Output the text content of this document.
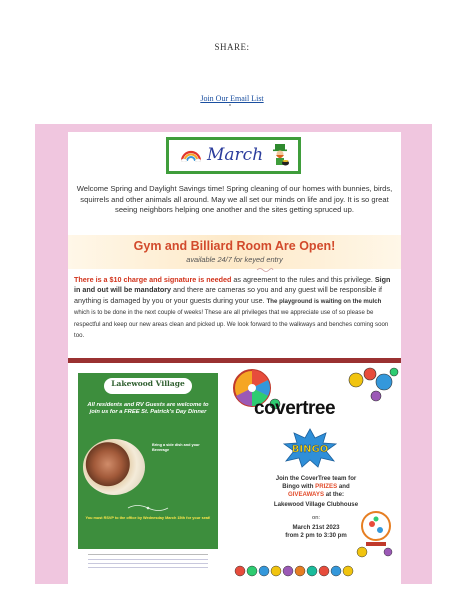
SHARE:
Join Our Email List
March
Welcome Spring and Daylight Savings time! Spring cleaning of our homes with bunnies, birds, squirrels and other animals all around. May we all set our minds on life and joy. It is so great seeing neighbors helping one another and the sites getting spruced up.
Gym and Billiard Room Are Open!
available 24/7 for keyed entry
There is a $10 charge and signature is needed as agreement to the rules and this privilege. Sign in and out will be mandatory and there are cameras so you and any guest will be responsible if anything is damaged by you or your guests during your use. The playground is waiting on the mulch which is to be done in the next couple of weeks! These are all privileges that we appreciate use of so please be respectful and keep our new areas clean and picked up. We look forward to the walkways and benches coming soon too.
Lakewood Village
All residents and RV Guests are welcome to join us for a FREE St. Patrick's Day Dinner
Bring a side dish and your Beverage
You must RSVP to the office by Wednesday March 15th for your seat!
covertree
BINGO
Join the CoverTree team for
Bingo with PRIZES and
GIVEAWAYS at the:
Lakewood Village Clubhouse
on:
March 21st 2023
from 2 pm to 3:30 pm
